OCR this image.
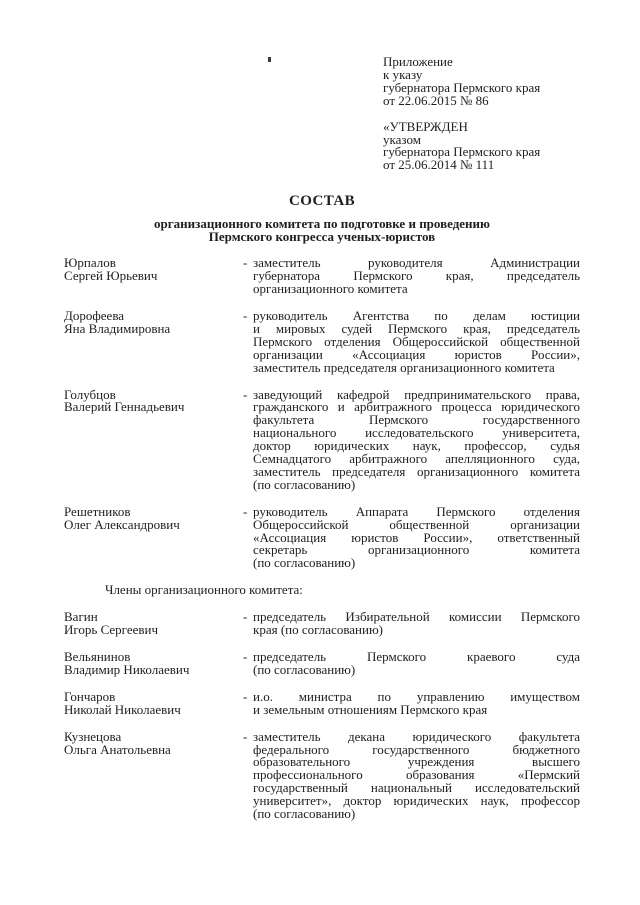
Приложение
к указу
губернатора Пермского края
от 22.06.2015 № 86
«УТВЕРЖДЕН
указом
губернатора Пермского края
от 25.06.2014 № 111
СОСТАВ
организационного комитета по подготовке и проведению
Пермского конгресса ученых-юристов
Юрпалов
Сергей Юрьевич
- заместитель руководителя Администрации
губернатора Пермского края, председатель
организационного комитета
Дорофеева
Яна Владимировна
- руководитель Агентства по делам юстиции
и мировых судей Пермского края, председатель
Пермского отделения Общероссийской общественной
организации «Ассоциация юристов России»,
заместитель председателя организационного комитета
Голубцов
Валерий Геннадьевич
- заведующий кафедрой предпринимательского права,
гражданского и арбитражного процесса юридического
факультета Пермского государственного
национального исследовательского университета,
доктор юридических наук, профессор, судья
Семнадцатого арбитражного апелляционного суда,
заместитель председателя организационного комитета
(по согласованию)
Решетников
Олег Александрович
- руководитель Аппарата Пермского отделения
Общероссийской общественной организации
«Ассоциация юристов России», ответственный
секретарь организационного комитета
(по согласованию)
Члены организационного комитета:
Вагин
Игорь Сергеевич
- председатель Избирательной комиссии Пермского
края (по согласованию)
Вельянинов
Владимир Николаевич
- председатель Пермского краевого суда
(по согласованию)
Гончаров
Николай Николаевич
- и.о. министра по управлению имуществом
и земельным отношениям Пермского края
Кузнецова
Ольга Анатольевна
- заместитель декана юридического факультета
федерального государственного бюджетного
образовательного учреждения высшего
профессионального образования «Пермский
государственный национальный исследовательский
университет», доктор юридических наук, профессор
(по согласованию)
